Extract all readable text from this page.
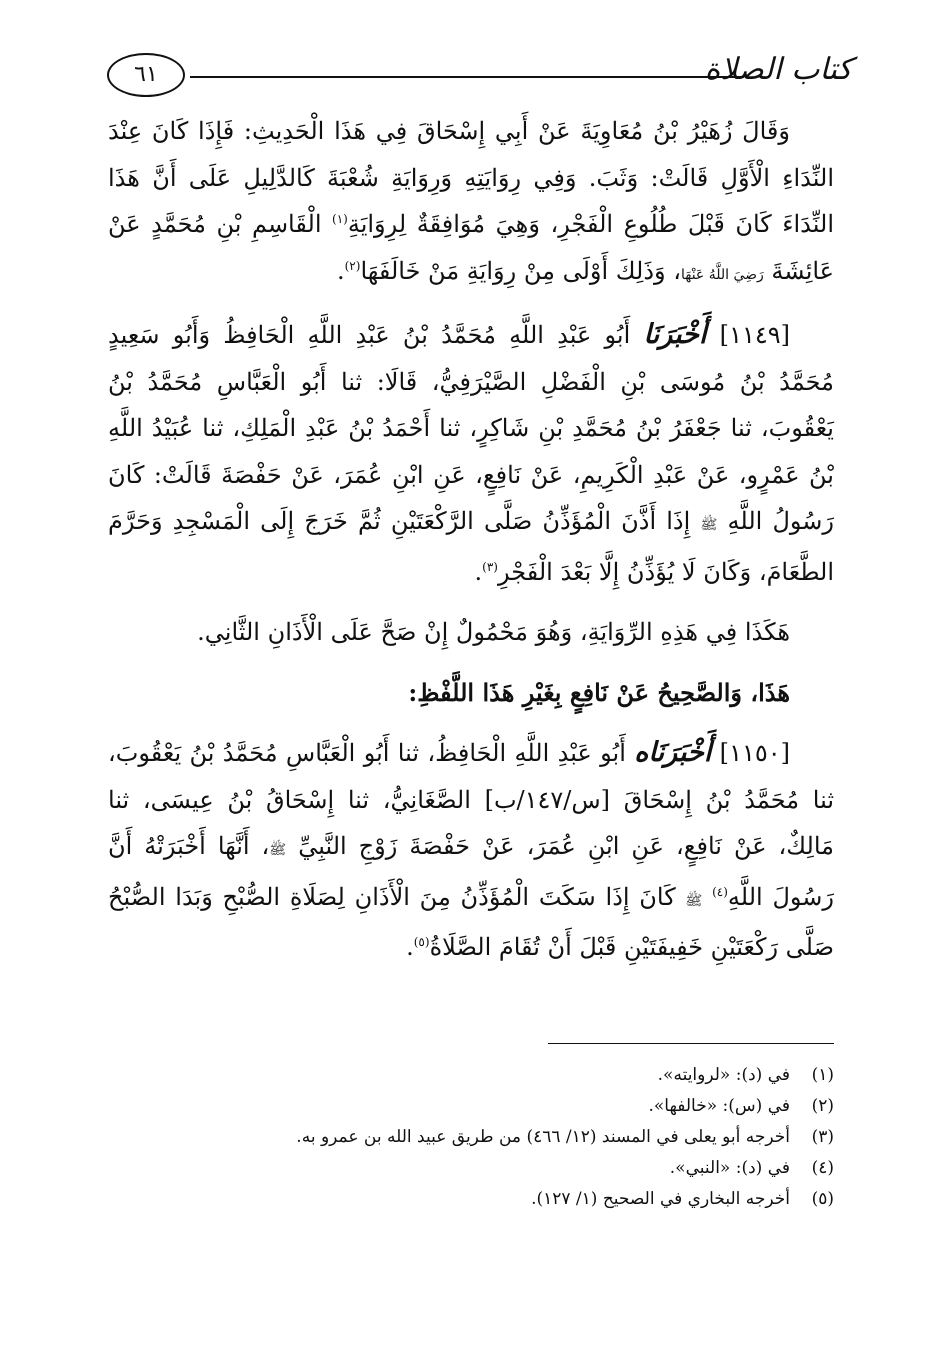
كتاب الصلاة
٦١

وَقَالَ زُهَيْرُ بْنُ مُعَاوِيَةَ عَنْ أَبِي إِسْحَاقَ فِي هَذَا الْحَدِيثِ: فَإِذَا كَانَ عِنْدَ النِّدَاءِ الْأَوَّلِ قَالَتْ: وَثَبَ. وَفِي رِوَايَتِهِ وَرِوَايَةِ شُعْبَةَ كَالدَّلِيلِ عَلَى أَنَّ هَذَا النِّدَاءَ كَانَ قَبْلَ طُلُوعِ الْفَجْرِ، وَهِيَ مُوَافِقَةٌ لِرِوَايَةِ$^{(١)}$ الْقَاسِمِ بْنِ مُحَمَّدٍ عَنْ عَائِشَةَ رَضِيَ اللَّهُ عَنْهَا، وَذَلِكَ أَوْلَى مِنْ رِوَايَةِ مَنْ خَالَفَهَا$^{(٢)}$.

[١١٤٩] أَخْبَرَنَا أَبُو عَبْدِ اللَّهِ مُحَمَّدُ بْنُ عَبْدِ اللَّهِ الْحَافِظُ وَأَبُو سَعِيدٍ مُحَمَّدُ بْنُ مُوسَى بْنِ الْفَضْلِ الصَّيْرَفِيُّ، قَالَا: ثنا أَبُو الْعَبَّاسِ مُحَمَّدُ بْنُ يَعْقُوبَ، ثنا جَعْفَرُ بْنُ مُحَمَّدِ بْنِ شَاكِرٍ، ثنا أَحْمَدُ بْنُ عَبْدِ الْمَلِكِ، ثنا عُبَيْدُ اللَّهِ بْنُ عَمْرٍو، عَنْ عَبْدِ الْكَرِيمِ، عَنْ نَافِعٍ، عَنِ ابْنِ عُمَرَ، عَنْ حَفْصَةَ قَالَتْ: كَانَ رَسُولُ اللَّهِ ﷺ إِذَا أَذَّنَ الْمُؤَذِّنُ صَلَّى الرَّكْعَتَيْنِ ثُمَّ خَرَجَ إِلَى الْمَسْجِدِ وَحَرَّمَ الطَّعَامَ، وَكَانَ لَا يُؤَذِّنُ إِلَّا بَعْدَ الْفَجْرِ$^{(٣)}$.

هَكَذَا فِي هَذِهِ الرِّوَايَةِ، وَهُوَ مَحْمُولٌ إِنْ صَحَّ عَلَى الْأَذَانِ الثَّانِي.

هَذَا، وَالصَّحِيحُ عَنْ نَافِعٍ بِغَيْرِ هَذَا اللَّفْظِ:

[١١٥٠] أَخْبَرَنَاه أَبُو عَبْدِ اللَّهِ الْحَافِظُ، ثنا أَبُو الْعَبَّاسِ مُحَمَّدُ بْنُ يَعْقُوبَ، ثنا مُحَمَّدُ بْنُ إِسْحَاقَ [س/١٤٧/ب] الصَّغَانِيُّ، ثنا إِسْحَاقُ بْنُ عِيسَى، ثنا مَالِكٌ، عَنْ نَافِعٍ، عَنِ ابْنِ عُمَرَ، عَنْ حَفْصَةَ زَوْجِ النَّبِيِّ ﷺ، أَنَّهَا أَخْبَرَتْهُ أَنَّ رَسُولَ اللَّهِ$^{(٤)}$ ﷺ كَانَ إِذَا سَكَتَ الْمُؤَذِّنُ مِنَ الْأَذَانِ لِصَلَاةِ الصُّبْحِ وَبَدَا الصُّبْحُ صَلَّى رَكْعَتَيْنِ خَفِيفَتَيْنِ قَبْلَ أَنْ تُقَامَ الصَّلَاةُ$^{(٥)}$.

(١)في (د): «لروايته».
(٢)في (س): «خالفها».
(٣)أخرجه أبو يعلى في المسند (١٢/ ٤٦٦) من طريق عبيد الله بن عمرو به.
(٤)في (د): «النبي».
(٥)أخرجه البخاري في الصحيح (١/ ١٢٧).
